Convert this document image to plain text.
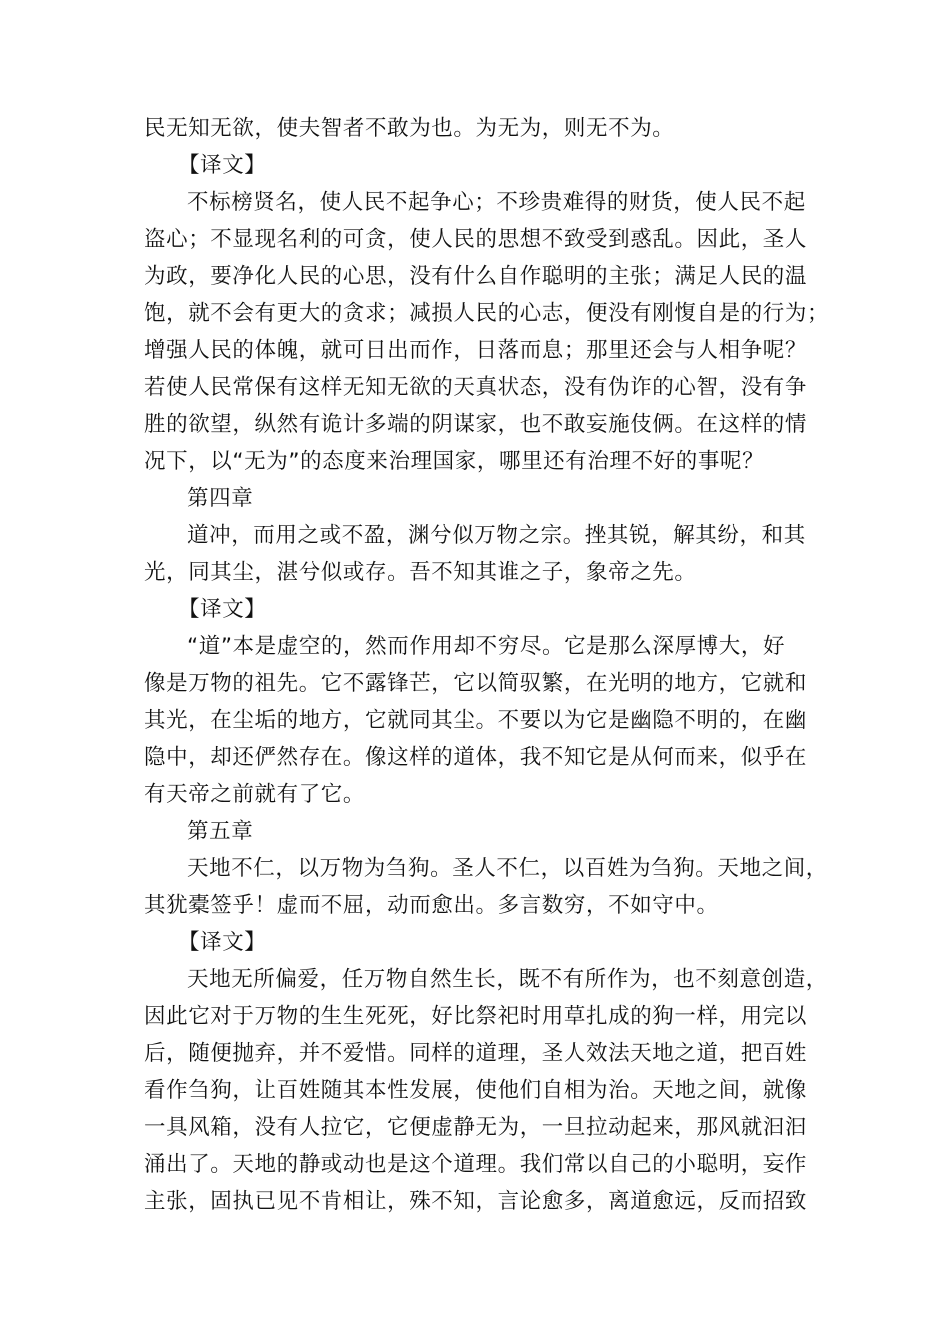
民无知无欲，使夫智者不敢为也。为无为，则无不为。
【译文】
不标榜贤名，使人民不起争心；不珍贵难得的财货，使人民不起
盗心；不显现名利的可贪，使人民的思想不致受到惑乱。因此，圣人
为政，要净化人民的心思，没有什么自作聪明的主张；满足人民的温
饱，就不会有更大的贪求；减损人民的心志，便没有刚愎自是的行为；
增强人民的体魄，就可日出而作，日落而息；那里还会与人相争呢？
若使人民常保有这样无知无欲的天真状态，没有伪诈的心智，没有争
胜的欲望，纵然有诡计多端的阴谋家，也不敢妄施伎俩。在这样的情
况下，以“无为”的态度来治理国家，哪里还有治理不好的事呢？
第四章
道冲，而用之或不盈，渊兮似万物之宗。挫其锐，解其纷，和其
光，同其尘，湛兮似或存。吾不知其谁之子，象帝之先。
【译文】
“道”本是虚空的，然而作用却不穷尽。它是那么深厚博大，好
像是万物的祖先。它不露锋芒，它以简驭繁，在光明的地方，它就和
其光，在尘垢的地方，它就同其尘。不要以为它是幽隐不明的，在幽
隐中，却还俨然存在。像这样的道体，我不知它是从何而来，似乎在
有天帝之前就有了它。
第五章
天地不仁，以万物为刍狗。圣人不仁，以百姓为刍狗。天地之间，
其犹橐签乎！虚而不屈，动而愈出。多言数穷，不如守中。
【译文】
天地无所偏爱，任万物自然生长，既不有所作为，也不刻意创造，
因此它对于万物的生生死死，好比祭祀时用草扎成的狗一样，用完以
后，随便抛弃，并不爱惜。同样的道理，圣人效法天地之道，把百姓
看作刍狗，让百姓随其本性发展，使他们自相为治。天地之间，就像
一具风箱，没有人拉它，它便虚静无为，一旦拉动起来，那风就汩汩
涌出了。天地的静或动也是这个道理。我们常以自己的小聪明，妄作
主张，固执已见不肯相让，殊不知，言论愈多，离道愈远，反而招致
